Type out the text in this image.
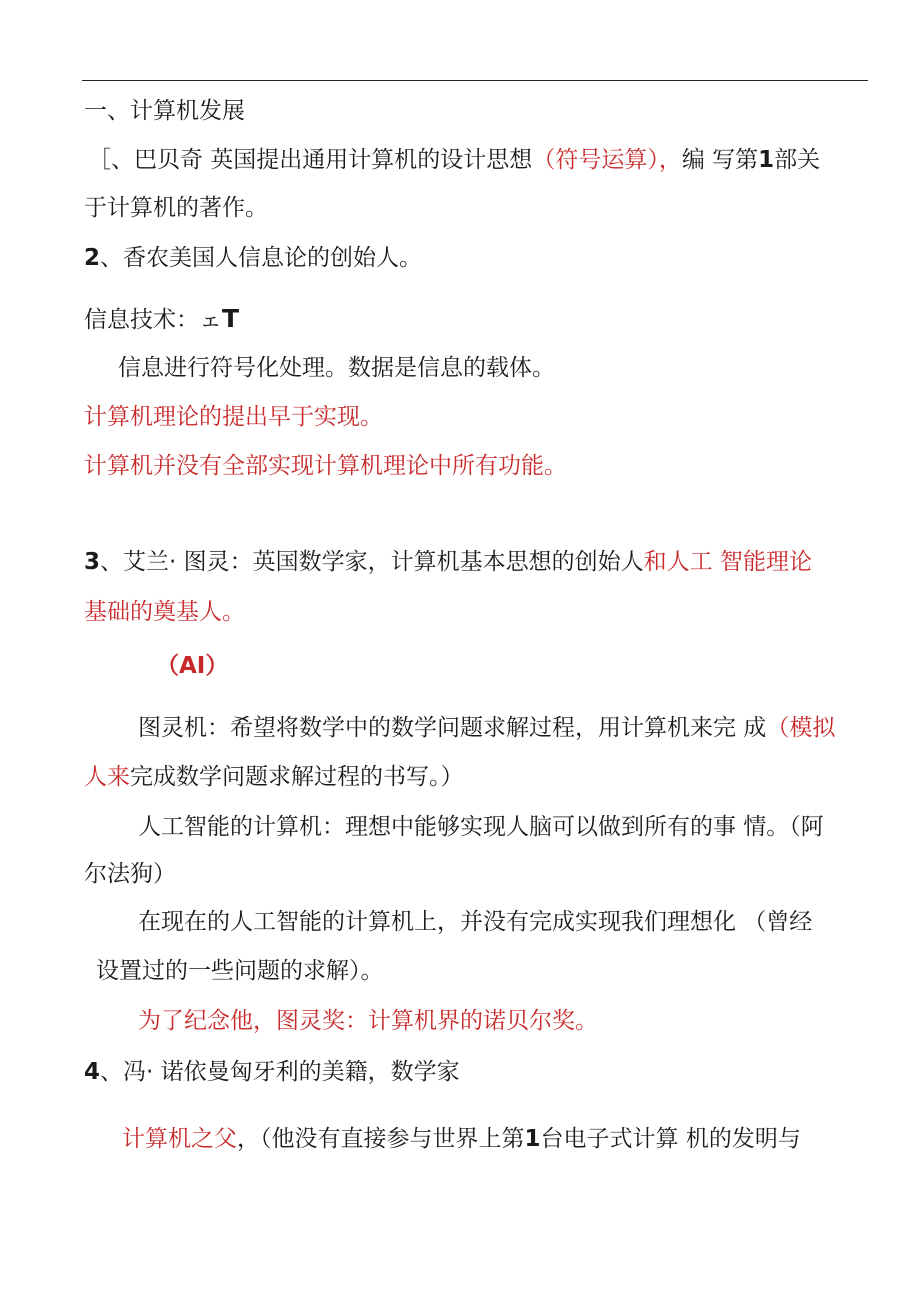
一、计算机发展
［、巴贝奇 英国提出通用计算机的设计思想（符号运算），编 写第1部关
于计算机的著作。
2、香农美国人信息论的创始人。
信息技术：ェT
信息进行符号化处理。数据是信息的载体。
计算机理论的提出早于实现。
计算机并没有全部实现计算机理论中所有功能。
3、艾兰· 图灵：英国数学家，计算机基本思想的创始人和人工 智能理论
基础的奠基人。
（AI）
图灵机：希望将数学中的数学问题求解过程，用计算机来完 成（模拟
人来完成数学问题求解过程的书写。）
人工智能的计算机：理想中能够实现人脑可以做到所有的事 情。（阿
尔法狗）
在现在的人工智能的计算机上，并没有完成实现我们理想化 （曾经
设置过的一些问题的求解）。
为了纪念他，图灵奖：计算机界的诺贝尔奖。
4、冯· 诺依曼匈牙利的美籍，数学家
计算机之父，（他没有直接参与世界上第1台电子式计算 机的发明与
